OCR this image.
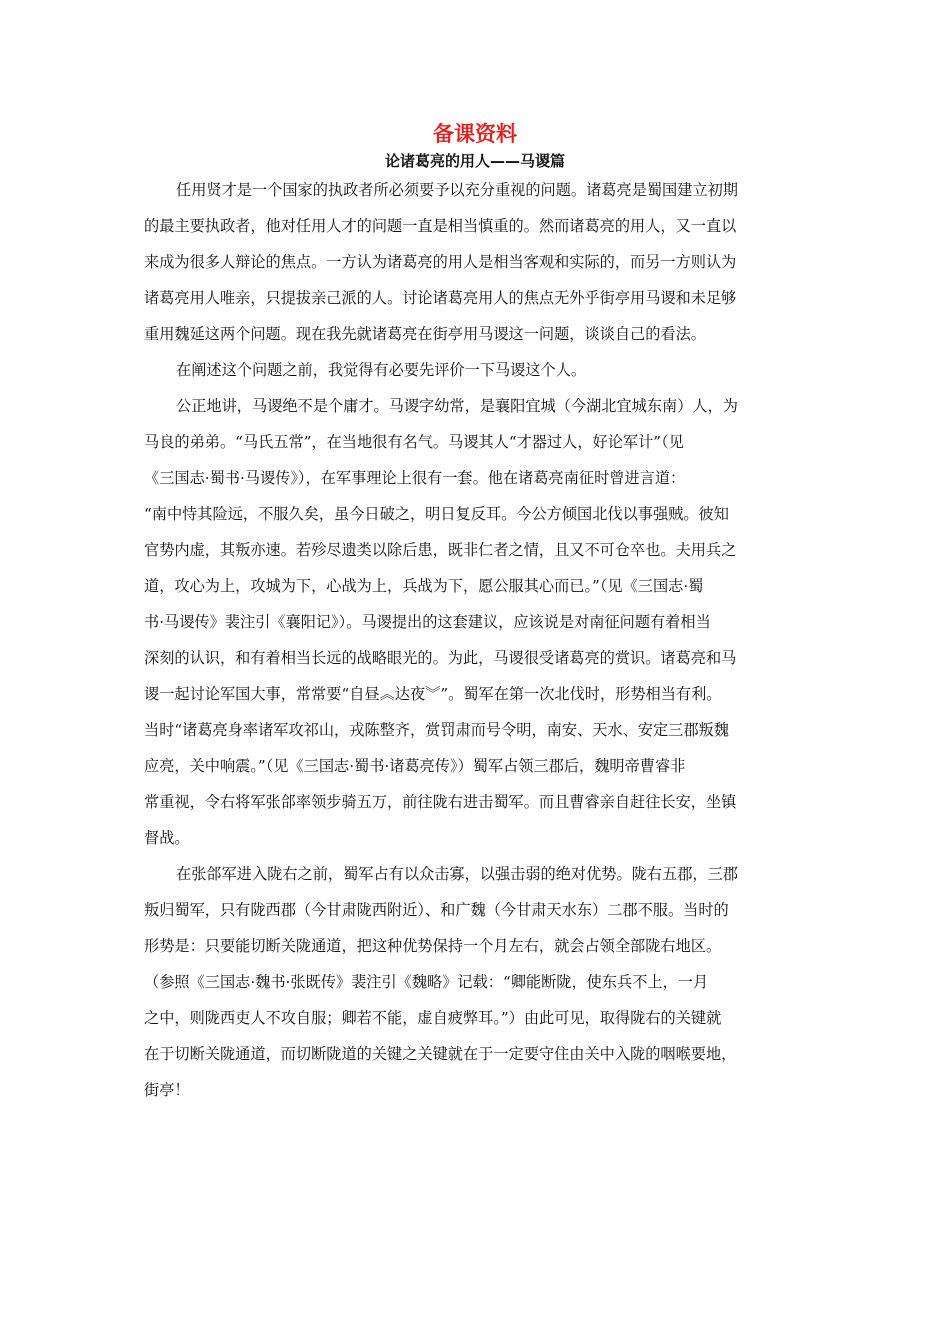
备课资料
论诸葛亮的用人——马谡篇
任用贤才是一个国家的执政者所必须要予以充分重视的问题。诸葛亮是蜀国建立初期
的最主要执政者，他对任用人才的问题一直是相当慎重的。然而诸葛亮的用人，又一直以
来成为很多人辩论的焦点。一方认为诸葛亮的用人是相当客观和实际的，而另一方则认为
诸葛亮用人唯亲，只提拔亲己派的人。讨论诸葛亮用人的焦点无外乎街亭用马谡和未足够
重用魏延这两个问题。现在我先就诸葛亮在街亭用马谡这一问题，谈谈自己的看法。
在阐述这个问题之前，我觉得有必要先评价一下马谡这个人。
公正地讲，马谡绝不是个庸才。马谡字幼常，是襄阳宜城（今湖北宜城东南）人，为
马良的弟弟。“马氏五常”，在当地很有名气。马谡其人“才器过人，好论军计”（见
《三国志·蜀书·马谡传》），在军事理论上很有一套。他在诸葛亮南征时曾进言道：
“南中恃其险远，不服久矣，虽今日破之，明日复反耳。今公方倾国北伐以事强贼。彼知
官势内虚，其叛亦速。若殄尽遗类以除后患，既非仁者之情，且又不可仓卒也。夫用兵之
道，攻心为上，攻城为下，心战为上，兵战为下，愿公服其心而已。”（见《三国志·蜀
书·马谡传》裴注引《襄阳记》）。马谡提出的这套建议，应该说是对南征问题有着相当
深刻的认识，和有着相当长远的战略眼光的。为此，马谡很受诸葛亮的赏识。诸葛亮和马
谡一起讨论军国大事，常常要“自昼︽达夜︾”。蜀军在第一次北伐时，形势相当有利。
当时“诸葛亮身率诸军攻祁山，戎陈整齐，赏罚肃而号令明，南安、天水、安定三郡叛魏
应亮，关中响震。”（见《三国志·蜀书·诸葛亮传》）蜀军占领三郡后，魏明帝曹睿非
常重视，令右将军张郃率领步骑五万，前往陇右进击蜀军。而且曹睿亲自赶往长安，坐镇
督战。
在张郃军进入陇右之前，蜀军占有以众击寡，以强击弱的绝对优势。陇右五郡，三郡
叛归蜀军，只有陇西郡（今甘肃陇西附近）、和广魏（今甘肃天水东）二郡不服。当时的
形势是：只要能切断关陇通道，把这种优势保持一个月左右，就会占领全部陇右地区。
（参照《三国志·魏书·张既传》裴注引《魏略》记载：“卿能断陇，使东兵不上，一月
之中，则陇西吏人不攻自服；卿若不能，虚自疲弊耳。”）由此可见，取得陇右的关键就
在于切断关陇通道，而切断陇道的关键之关键就在于一定要守住由关中入陇的咽喉要地，
街亭！
